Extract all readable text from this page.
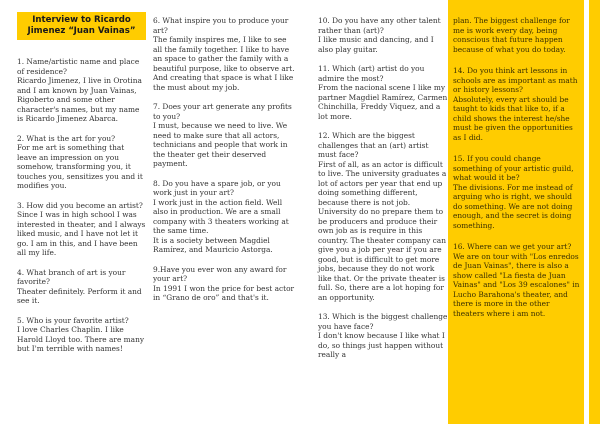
Interview to Ricardo
Jimenez “Juan Vainas”

1. Name/artistic name and place of residence?

Ricardo Jimenez, I live in Orotina and I am known by Juan Vainas, Rigoberto and some other character's names, but my name is Ricardo Jimenez Abarca.

2. What is the art for you?

For me art is something that leave an impression on you somehow, transforming you, it touches you, sensitizes you and it modifies you.

3. How did you become an artist?

Since I was in high school I was interested in theater, and I always liked music, and I have not let it go. I am in this, and I have been all my life.

4. What branch of art is your favorite?

Theater definitely. Perform it and see it.

5. Who is your favorite artist?

I love Charles Chaplin. I like Harold Lloyd too. There are many but I'm terrible with names!

6. What inspire you to produce your art?

The family inspires me, I like to see all the family together. I like to have an space to gather the family with a beautiful purpose, like to observe art. And creating that space is what I like the must about my job.

7. Does your art generate any profits to you?

I must, because we need to live. We need to make sure that all actors, technicians and people that work in the theater get their deserved payment.

8. Do you have a spare job, or you work just in your art?

I work just in the action field. Well also in production. We are a small company with 3 theaters working at the same time.
It is a society between Magdiel Ramírez, and Mauricio Astorga.

9.Have you ever won any award for your art?

In 1991 I won the price for best actor in “Grano de oro” and that's it.

10. Do you have any other talent rather than (art)?

I like music and dancing, and I also play guitar.

11. Which (art) artist do you admire the most?

From the nacional scene I like my partner Magdiel Ramírez, Carmen Chinchilla, Freddy Viquez, and a lot more.

12. Which are the biggest challenges that an (art) artist must face?

First of all, as an actor is difficult to live. The university graduates a lot of actors per year that end up doing something different, because there is not job. University do no prepare them to be producers and produce their own job as is require in this country. The theater company can give you a job per year if you are good, but is difficult to get more jobs, because they do not work like that. Or the private theater is full. So, there are a lot hoping for an opportunity.

13. Which is the biggest challenge you have face?

I don't know because I like what I do, so things just happen without really a

plan. The biggest challenge for me is work every day, being conscious that future happen because of what you do today.

14. Do you think art lessons in schools are as important as math or history lessons?

Absolutely, every art should be taught to kids that like to, if a child shows the interest he/she must be given the opportunities as I did.

15. If you could change something of your artistic guild, what would it be?

The divisions. For me instead of arguing who is right, we should do something. We are not doing enough, and the secret is doing something.

16. Where can we get your art?

We are on tour with "Los enredos de Juan Vainas", there is also a show called "La fiesta de Juan Vainas" and "Los 39 escalones" in Lucho Barahona's theater, and there is more in the other theaters where i am not.
